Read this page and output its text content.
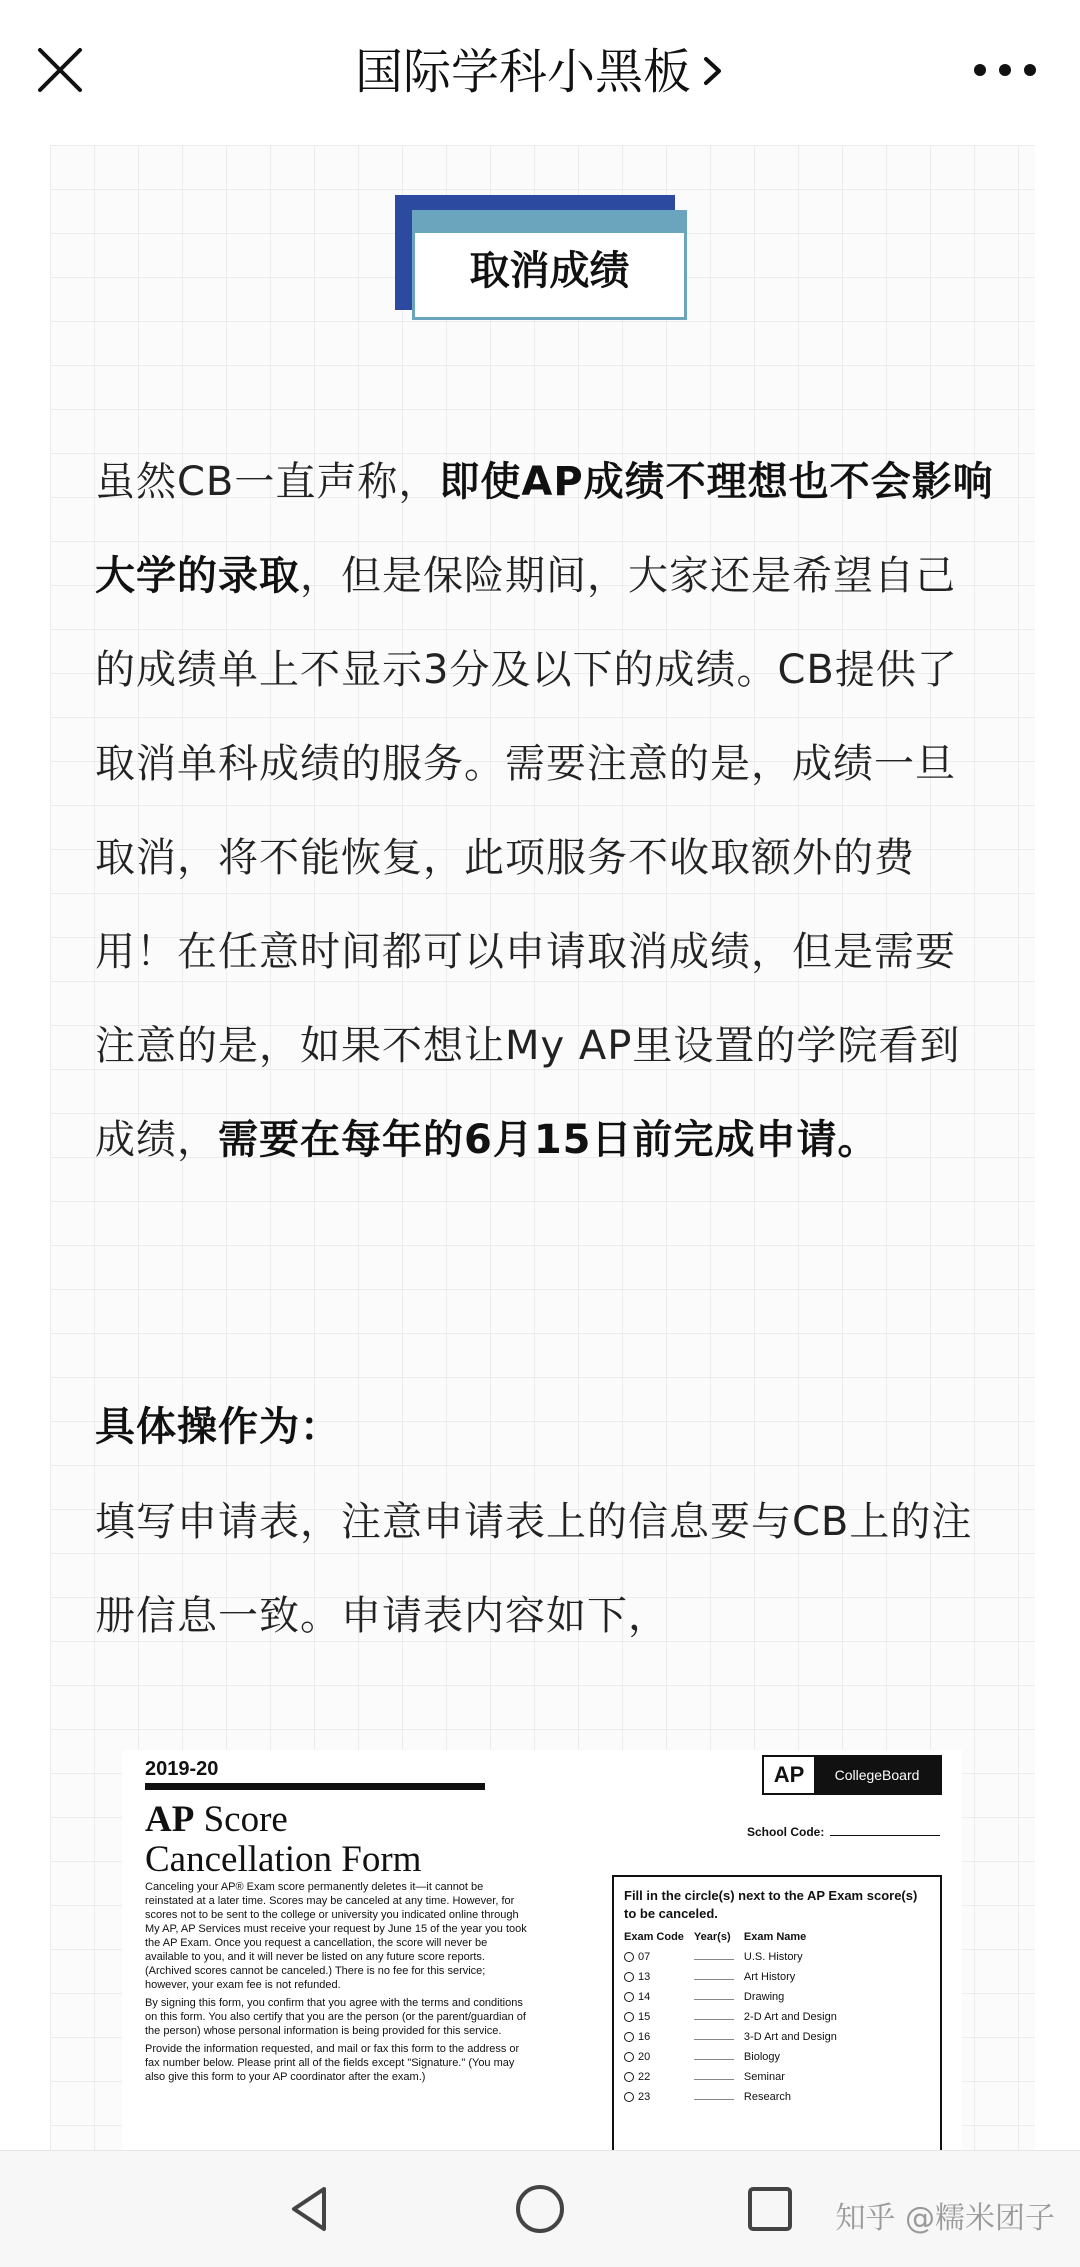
国际学科小黑板
取消成绩
虽然CB一直声称，即使AP成绩不理想也不会影响大学的录取，但是保险期间，大家还是希望自己的成绩单上不显示3分及以下的成绩。CB提供了取消单科成绩的服务。需要注意的是，成绩一旦取消，将不能恢复，此项服务不收取额外的费用！在任意时间都可以申请取消成绩，但是需要注意的是，如果不想让My AP里设置的学院看到成绩，需要在每年的6月15日前完成申请。
具体操作为：
填写申请表，注意申请表上的信息要与CB上的注册信息一致。申请表内容如下，
2019-20
AP Score
Cancellation Form
AP	CollegeBoard
School Code:

Canceling your AP® Exam score permanently deletes it—it cannot be reinstated at a later time. Scores may be canceled at any time. However, for scores not to be sent to the college or university you indicated online through My AP, AP Services must receive your request by June 15 of the year you took the AP Exam. Once you request a cancellation, the score will never be available to you, and it will never be listed on any future score reports. (Archived scores cannot be canceled.) There is no fee for this service; however, your exam fee is not refunded.

By signing this form, you confirm that you agree with the terms and conditions on this form. You also certify that you are the person (or the parent/guardian of the person) whose personal information is being provided for this service.

Provide the information requested, and mail or fax this form to the address or fax number below. Please print all of the fields except "Signature." (You may also give this form to your AP coordinator after the exam.)

Fill in the circle(s) next to the AP Exam score(s) to be canceled.
Exam Code	Year(s)	Exam Name
07		U.S. History
13		Art History
14		Drawing
15		2-D Art and Design
16		3-D Art and Design
20		Biology
22		Seminar
23		Research
知乎 @糯米团子
